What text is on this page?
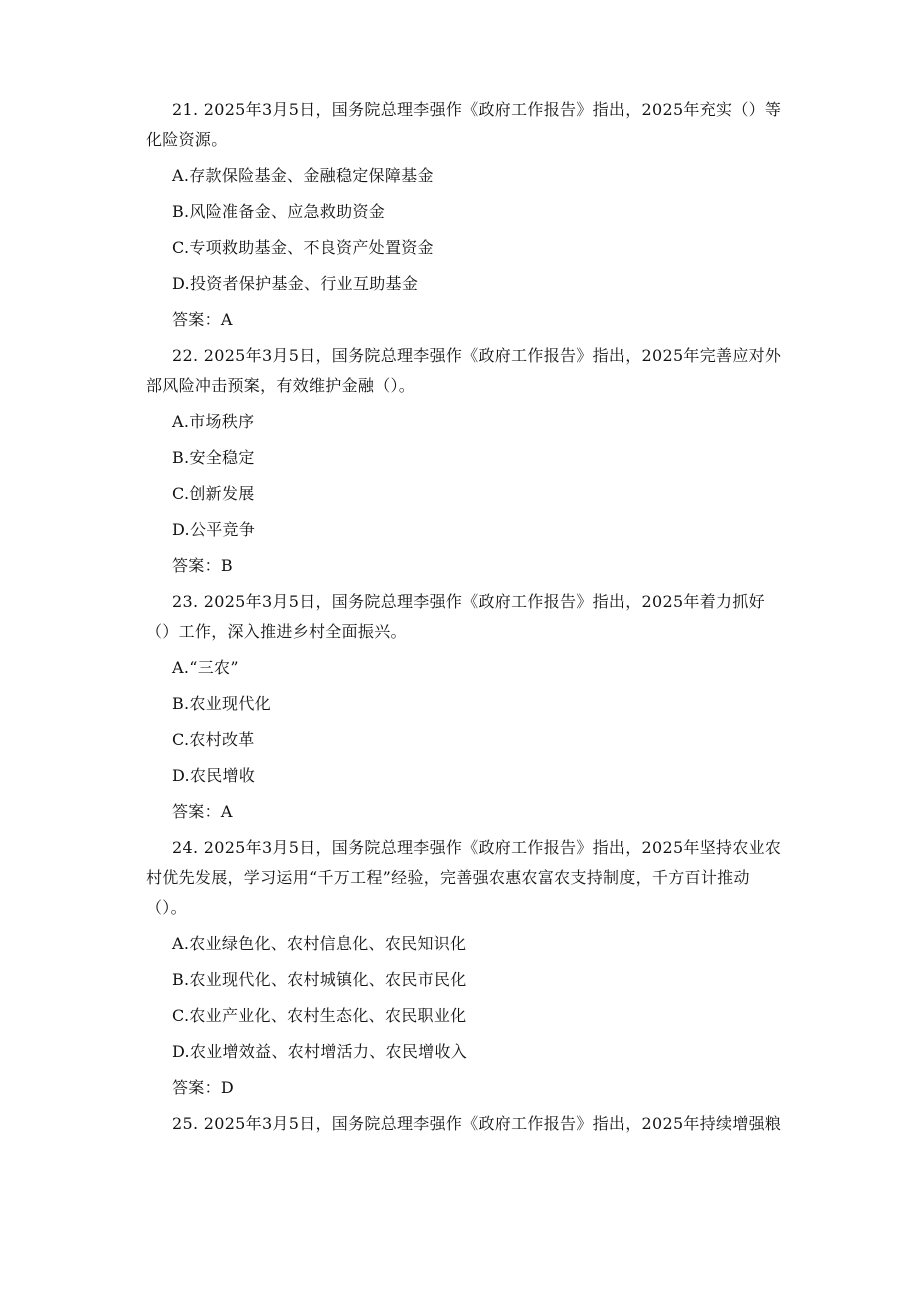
21. 2025年3月5日，国务院总理李强作《政府工作报告》指出，2025年充实（）等
化险资源。
A.存款保险基金、金融稳定保障基金
B.风险准备金、应急救助资金
C.专项救助基金、不良资产处置资金
D.投资者保护基金、行业互助基金
答案：A
22. 2025年3月5日，国务院总理李强作《政府工作报告》指出，2025年完善应对外
部风险冲击预案，有效维护金融（）。
A.市场秩序
B.安全稳定
C.创新发展
D.公平竞争
答案：B
23. 2025年3月5日，国务院总理李强作《政府工作报告》指出，2025年着力抓好
（）工作，深入推进乡村全面振兴。
A.“三农”
B.农业现代化
C.农村改革
D.农民增收
答案：A
24. 2025年3月5日，国务院总理李强作《政府工作报告》指出，2025年坚持农业农
村优先发展，学习运用“千万工程”经验，完善强农惠农富农支持制度，千方百计推动
（）。
A.农业绿色化、农村信息化、农民知识化
B.农业现代化、农村城镇化、农民市民化
C.农业产业化、农村生态化、农民职业化
D.农业增效益、农村增活力、农民增收入
答案：D
25. 2025年3月5日，国务院总理李强作《政府工作报告》指出，2025年持续增强粮
